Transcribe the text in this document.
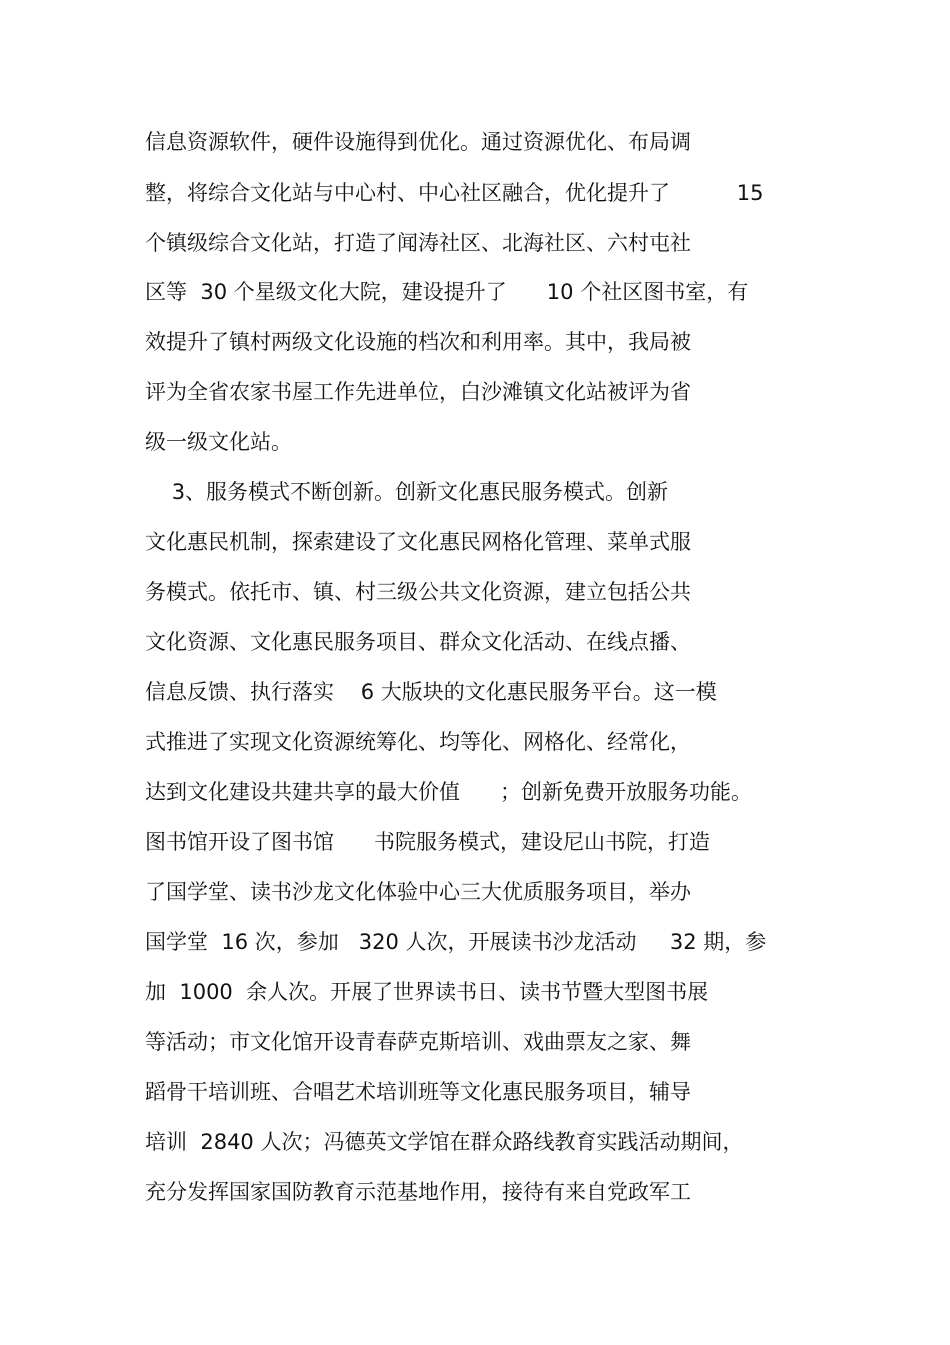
信息资源软件，硬件设施得到优化。通过资源优化、布局调
整，将综合文化站与中心村、中心社区融合，优化提升了          15
个镇级综合文化站，打造了闻涛社区、北海社区、六村屯社
区等  30 个星级文化大院，建设提升了      10 个社区图书室，有
效提升了镇村两级文化设施的档次和利用率。其中，我局被
评为全省农家书屋工作先进单位，白沙滩镇文化站被评为省
级一级文化站。
3、服务模式不断创新。创新文化惠民服务模式。创新
文化惠民机制，探索建设了文化惠民网格化管理、菜单式服
务模式。依托市、镇、村三级公共文化资源，建立包括公共
文化资源、文化惠民服务项目、群众文化活动、在线点播、
信息反馈、执行落实    6 大版块的文化惠民服务平台。这一模
式推进了实现文化资源统筹化、均等化、网格化、经常化，
达到文化建设共建共享的最大价值      ；创新免费开放服务功能。
图书馆开设了图书馆      书院服务模式，建设尼山书院，打造
了国学堂、读书沙龙文化体验中心三大优质服务项目，举办
国学堂  16 次，参加   320 人次，开展读书沙龙活动     32 期，参
加  1000  余人次。开展了世界读书日、读书节暨大型图书展
等活动；市文化馆开设青春萨克斯培训、戏曲票友之家、舞
蹈骨干培训班、合唱艺术培训班等文化惠民服务项目，辅导
培训  2840 人次；冯德英文学馆在群众路线教育实践活动期间，
充分发挥国家国防教育示范基地作用，接待有来自党政军工
